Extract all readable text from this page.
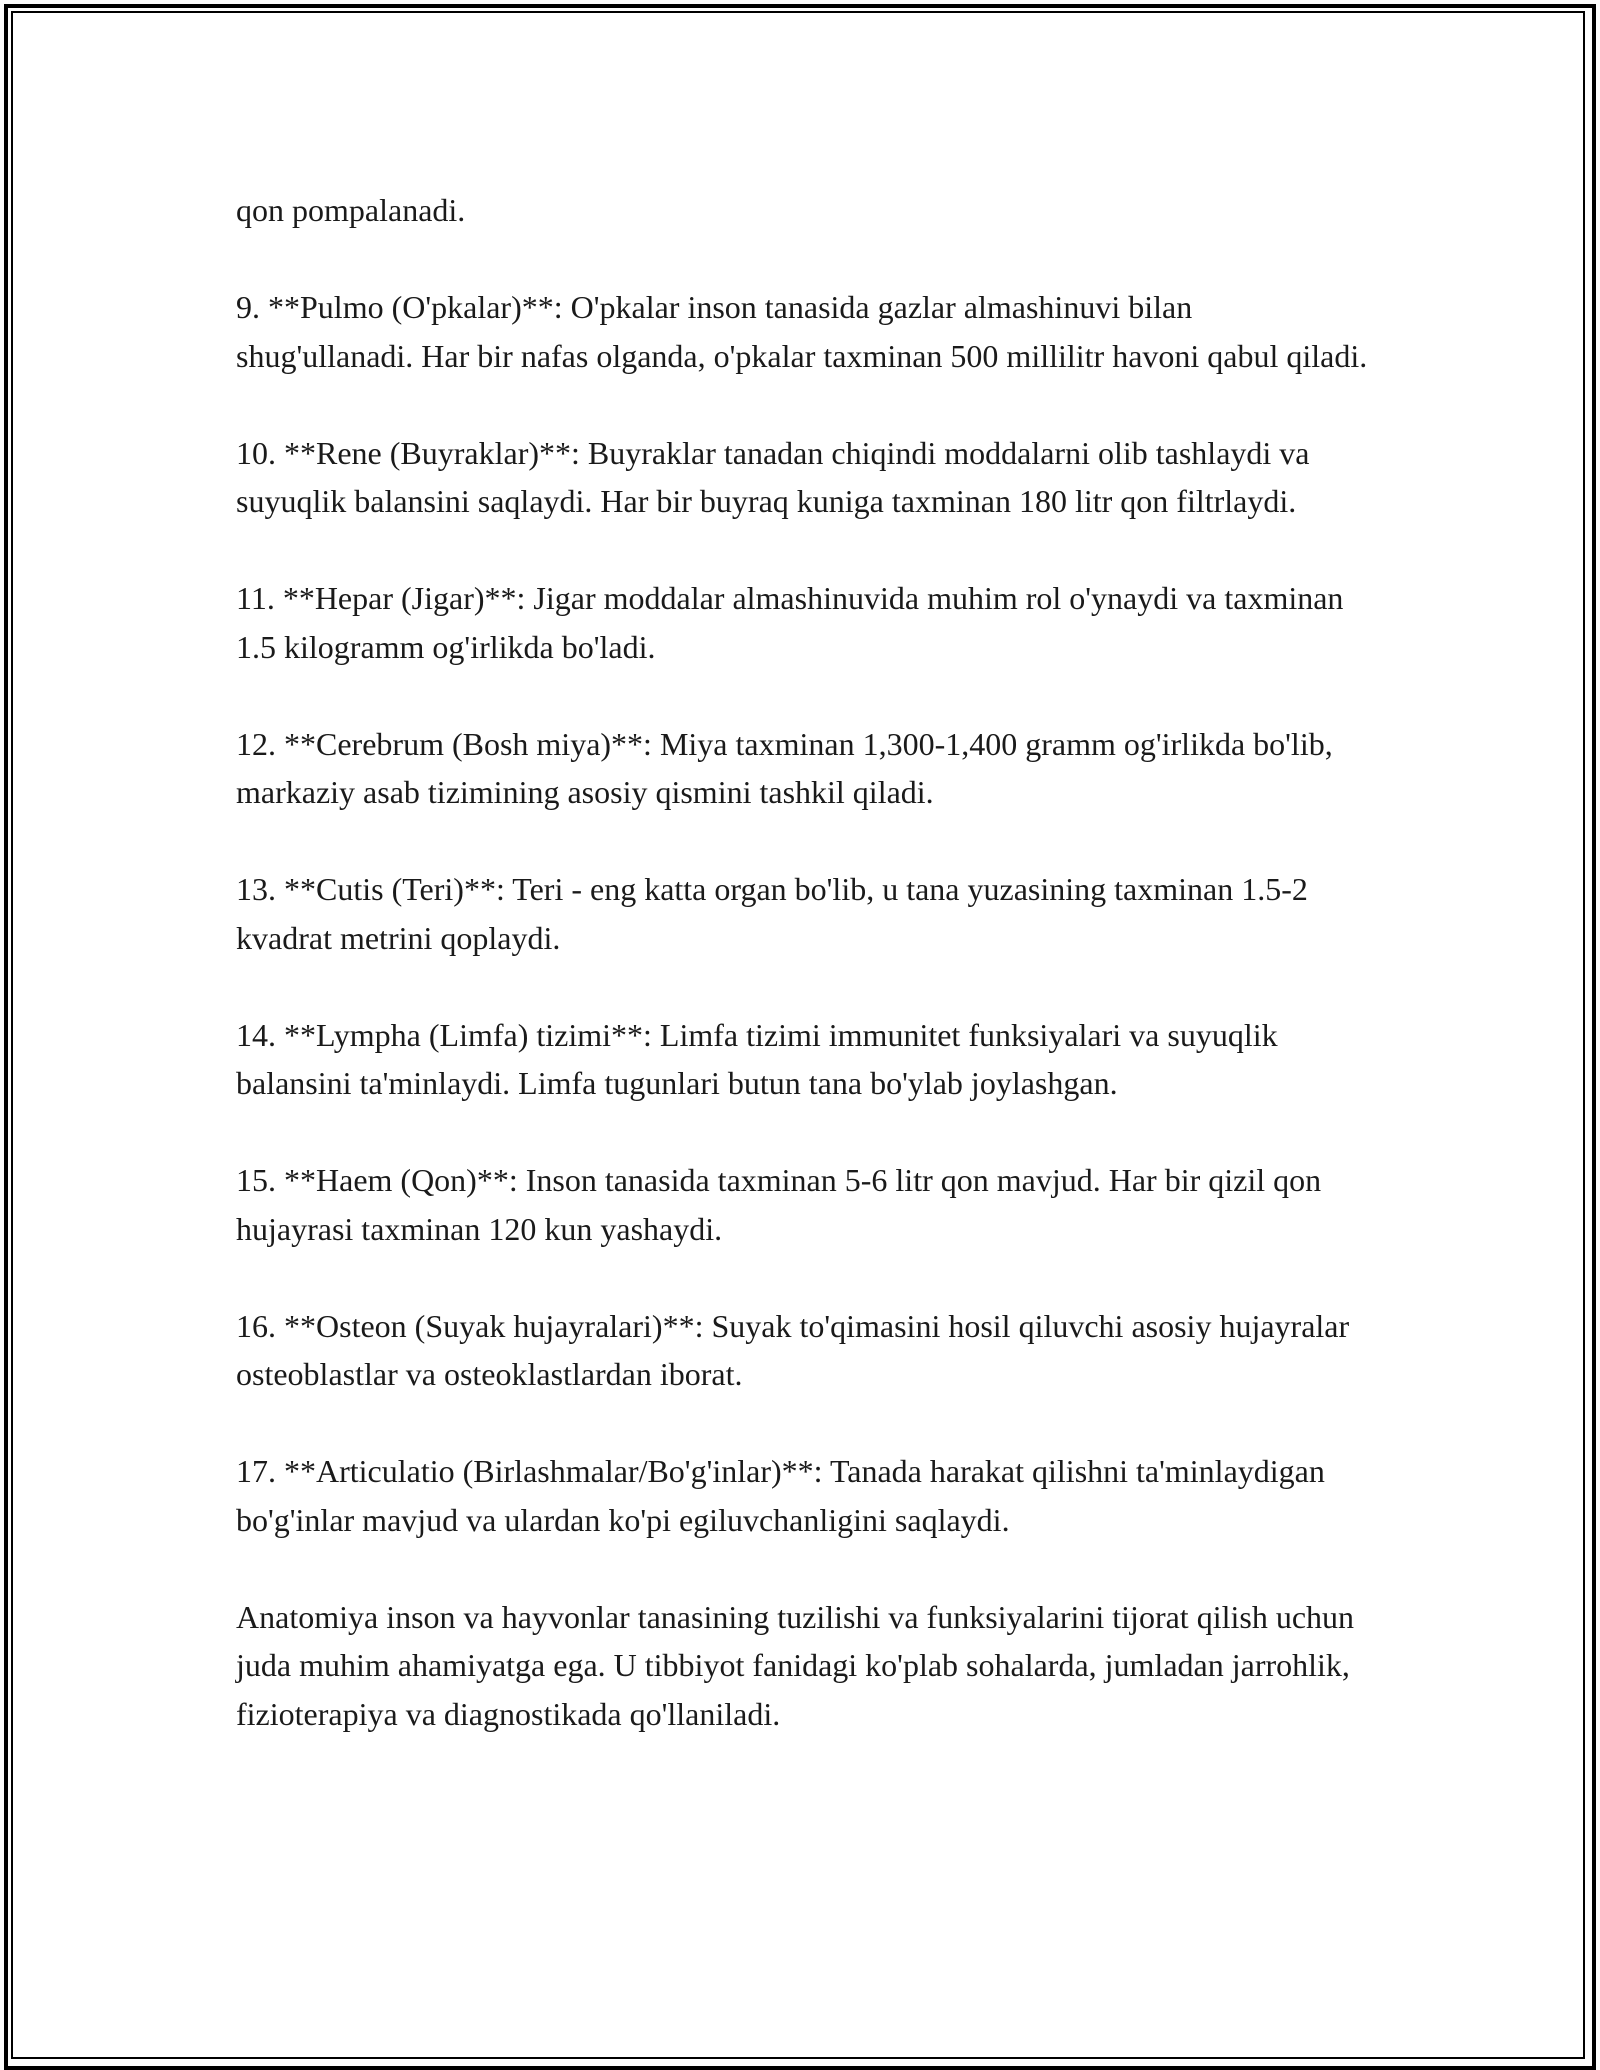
qon pompalanadi.

9. **Pulmo (O'pkalar)**: O'pkalar inson tanasida gazlar almashinuvi bilan shug'ullanadi. Har bir nafas olganda, o'pkalar taxminan 500 millilitr havoni qabul qiladi.

10. **Rene (Buyraklar)**: Buyraklar tanadan chiqindi moddalarni olib tashlaydi va suyuqlik balansini saqlaydi. Har bir buyraq kuniga taxminan 180 litr qon filtrlaydi.

11. **Hepar (Jigar)**: Jigar moddalar almashinuvida muhim rol o'ynaydi va taxminan 1.5 kilogramm og'irlikda bo'ladi.

12. **Cerebrum (Bosh miya)**: Miya taxminan 1,300-1,400 gramm og'irlikda bo'lib, markaziy asab tizimining asosiy qismini tashkil qiladi.

13. **Cutis (Teri)**: Teri - eng katta organ bo'lib, u tana yuzasining taxminan 1.5-2 kvadrat metrini qoplaydi.

14. **Lympha (Limfa) tizimi**: Limfa tizimi immunitet funksiyalari va suyuqlik balansini ta'minlaydi. Limfa tugunlari butun tana bo'ylab joylashgan.

15. **Haem (Qon)**: Inson tanasida taxminan 5-6 litr qon mavjud. Har bir qizil qon hujayrasi taxminan 120 kun yashaydi.

16. **Osteon (Suyak hujayralari)**: Suyak to'qimasini hosil qiluvchi asosiy hujayralar osteoblastlar va osteoklastlardan iborat.

17. **Articulatio (Birlashmalar/Bo'g'inlar)**: Tanada harakat qilishni ta'minlaydigan bo'g'inlar mavjud va ulardan ko'pi egiluvchanligini saqlaydi.

Anatomiya inson va hayvonlar tanasining tuzilishi va funksiyalarini tijorat qilish uchun juda muhim ahamiyatga ega. U tibbiyot fanidagi ko'plab sohalarda, jumladan jarrohlik, fizioterapiya va diagnostikada qo'llaniladi.
